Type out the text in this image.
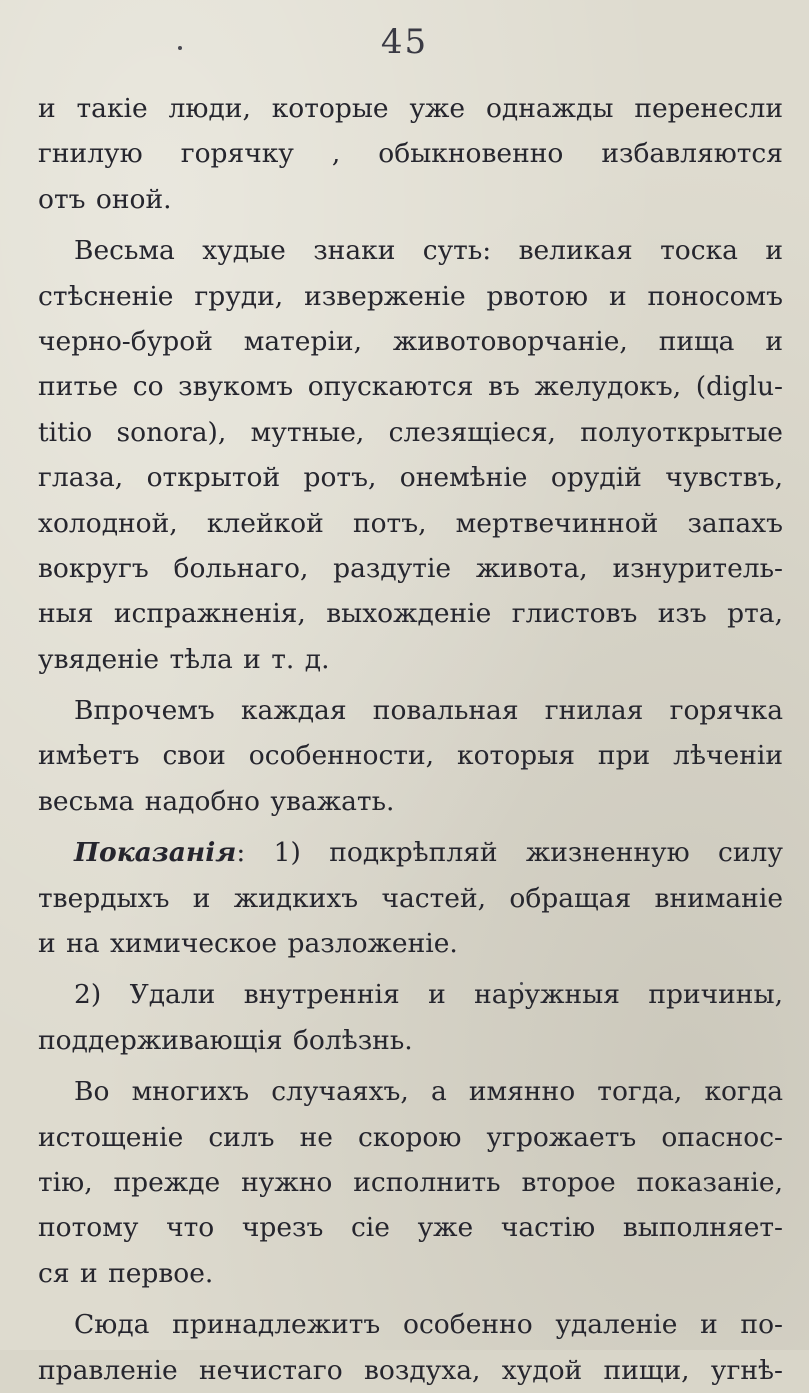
45
и такіе люди, которые уже однажды перенесли
гнилую горячку , обыкновенно избавляются
отъ оной.
Весьма худые знаки суть: великая тоска и
стѣсненіе груди, изверженіе рвотою и поносомъ
черно-бурой матеріи, животоворчаніе, пища и
питье со звукомъ опускаются въ желудокъ, (diglu-
titio sonora), мутные, слезящіеся, полуоткрытые
глаза, открытой ротъ, онемѣніе орудій чувствъ,
холодной, клейкой потъ, мертвечинной запахъ
вокругъ больнаго, раздутіе живота, изнуритель-
ныя испражненія, выхожденіе глистовъ изъ рта,
увяденіе тѣла и т. д.
Впрочемъ каждая повальная гнилая горячка
имѣетъ свои особенности, которыя при лѣченіи
весьма надобно уважать.
Показанія: 1) подкрѣпляй жизненную силу
твердыхъ и жидкихъ частей, обращая вниманіе
и на химическое разложеніе.
2) Удали внутреннія и наружныя причины,
поддерживающія болѣзнь.
Во многихъ случаяхъ, а имянно тогда, когда
истощеніе силъ не скорою угрожаетъ опаснос-
тію, прежде нужно исполнить второе показаніе,
потому что чрезъ сіе уже частію выполняет-
ся и первое.
Сюда принадлежитъ особенно удаленіе и по-
правленіе нечистаго воздуха, худой пищи, угнѣ-
